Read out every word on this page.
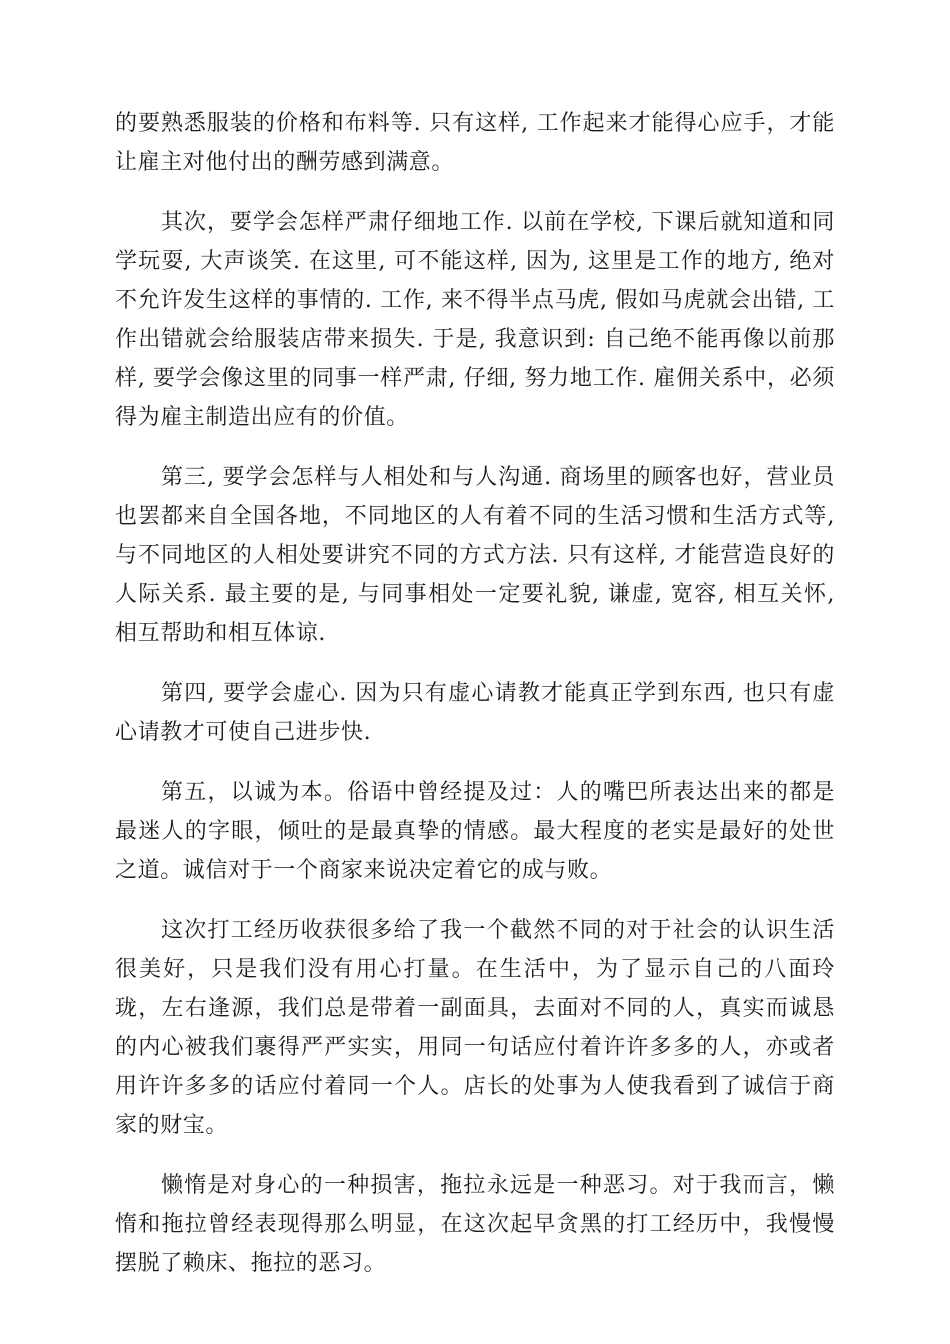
的要熟悉服装的价格和布料等. 只有这样, 工作起来才能得心应手，才能让雇主对他付出的酬劳感到满意。

其次，要学会怎样严肃仔细地工作. 以前在学校, 下课后就知道和同学玩耍, 大声谈笑. 在这里, 可不能这样, 因为, 这里是工作的地方, 绝对不允许发生这样的事情的. 工作, 来不得半点马虎, 假如马虎就会出错, 工作出错就会给服装店带来损失. 于是, 我意识到: 自己绝不能再像以前那样, 要学会像这里的同事一样严肃, 仔细, 努力地工作. 雇佣关系中，必须得为雇主制造出应有的价值。

第三, 要学会怎样与人相处和与人沟通. 商场里的顾客也好，营业员也罢都来自全国各地，不同地区的人有着不同的生活习惯和生活方式等, 与不同地区的人相处要讲究不同的方式方法. 只有这样, 才能营造良好的人际关系. 最主要的是, 与同事相处一定要礼貌, 谦虚, 宽容, 相互关怀, 相互帮助和相互体谅.

第四, 要学会虚心. 因为只有虚心请教才能真正学到东西, 也只有虚心请教才可使自己进步快.

第五，以诚为本。俗语中曾经提及过：人的嘴巴所表达出来的都是最迷人的字眼，倾吐的是最真挚的情感。最大程度的老实是最好的处世之道。诚信对于一个商家来说决定着它的成与败。

这次打工经历收获很多给了我一个截然不同的对于社会的认识生活很美好，只是我们没有用心打量。在生活中，为了显示自己的八面玲珑，左右逢源，我们总是带着一副面具，去面对不同的人，真实而诚恳的内心被我们裹得严严实实，用同一句话应付着许许多多的人，亦或者用许许多多的话应付着同一个人。店长的处事为人使我看到了诚信于商家的财宝。

懒惰是对身心的一种损害，拖拉永远是一种恶习。对于我而言，懒惰和拖拉曾经表现得那么明显，在这次起早贪黑的打工经历中，我慢慢摆脱了赖床、拖拉的恶习。
